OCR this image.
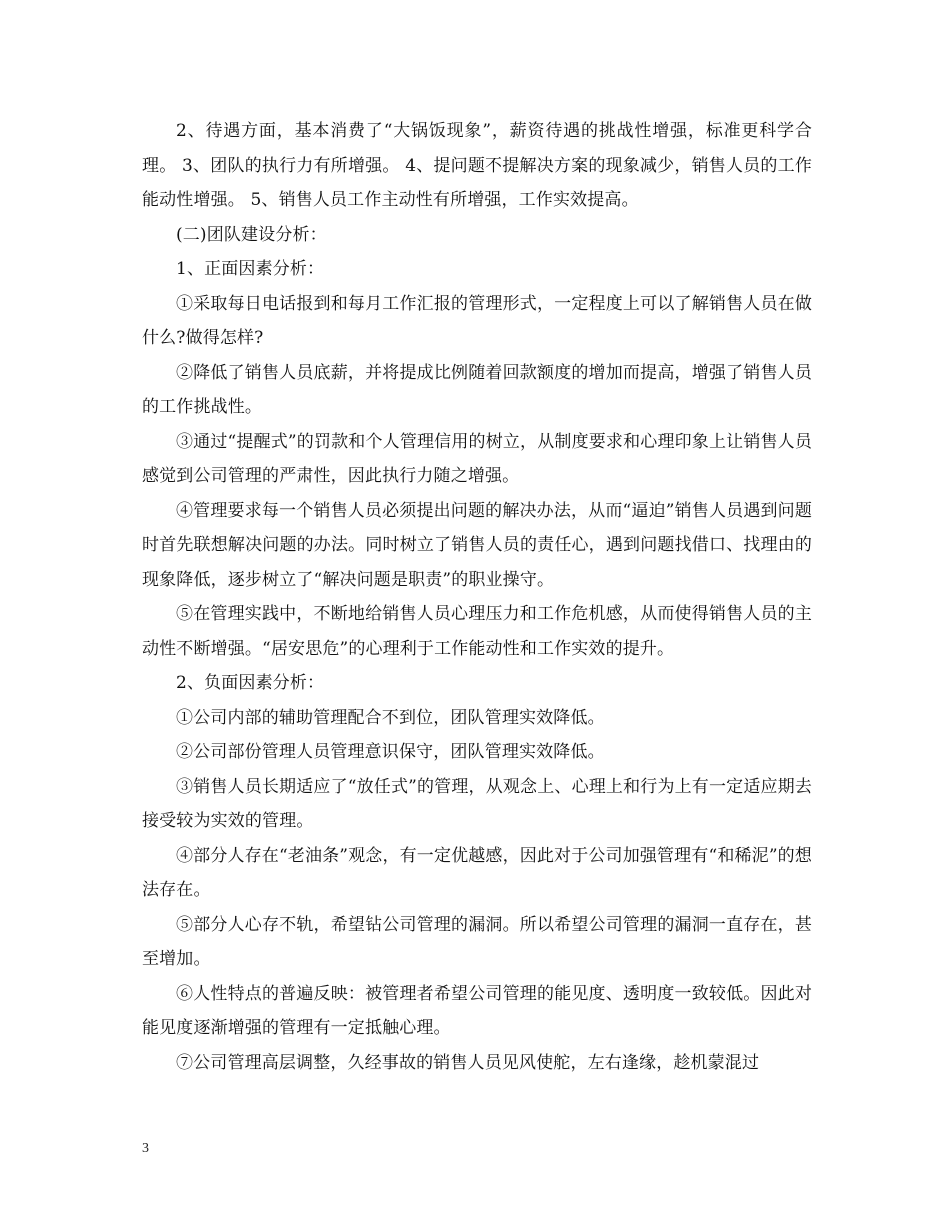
2、待遇方面，基本消费了“大锅饭现象”，薪资待遇的挑战性增强，标准更科学合理。 3、团队的执行力有所增强。 4、提问题不提解决方案的现象减少，销售人员的工作能动性增强。 5、销售人员工作主动性有所增强，工作实效提高。

(二)团队建设分析：

1、正面因素分析：

①采取每日电话报到和每月工作汇报的管理形式，一定程度上可以了解销售人员在做什么?做得怎样?

②降低了销售人员底薪，并将提成比例随着回款额度的增加而提高，增强了销售人员的工作挑战性。

③通过“提醒式”的罚款和个人管理信用的树立，从制度要求和心理印象上让销售人员感觉到公司管理的严肃性，因此执行力随之增强。

④管理要求每一个销售人员必须提出问题的解决办法，从而“逼迫”销售人员遇到问题时首先联想解决问题的办法。同时树立了销售人员的责任心，遇到问题找借口、找理由的现象降低，逐步树立了“解决问题是职责”的职业操守。

⑤在管理实践中，不断地给销售人员心理压力和工作危机感，从而使得销售人员的主动性不断增强。“居安思危”的心理利于工作能动性和工作实效的提升。

2、负面因素分析：

①公司内部的辅助管理配合不到位，团队管理实效降低。

②公司部份管理人员管理意识保守，团队管理实效降低。

③销售人员长期适应了“放任式”的管理，从观念上、心理上和行为上有一定适应期去接受较为实效的管理。

④部分人存在“老油条”观念，有一定优越感，因此对于公司加强管理有“和稀泥”的想法存在。

⑤部分人心存不轨，希望钻公司管理的漏洞。所以希望公司管理的漏洞一直存在，甚至增加。

⑥人性特点的普遍反映：被管理者希望公司管理的能见度、透明度一致较低。因此对能见度逐渐增强的管理有一定抵触心理。

⑦公司管理高层调整，久经事故的销售人员见风使舵，左右逢缘，趁机蒙混过

3
